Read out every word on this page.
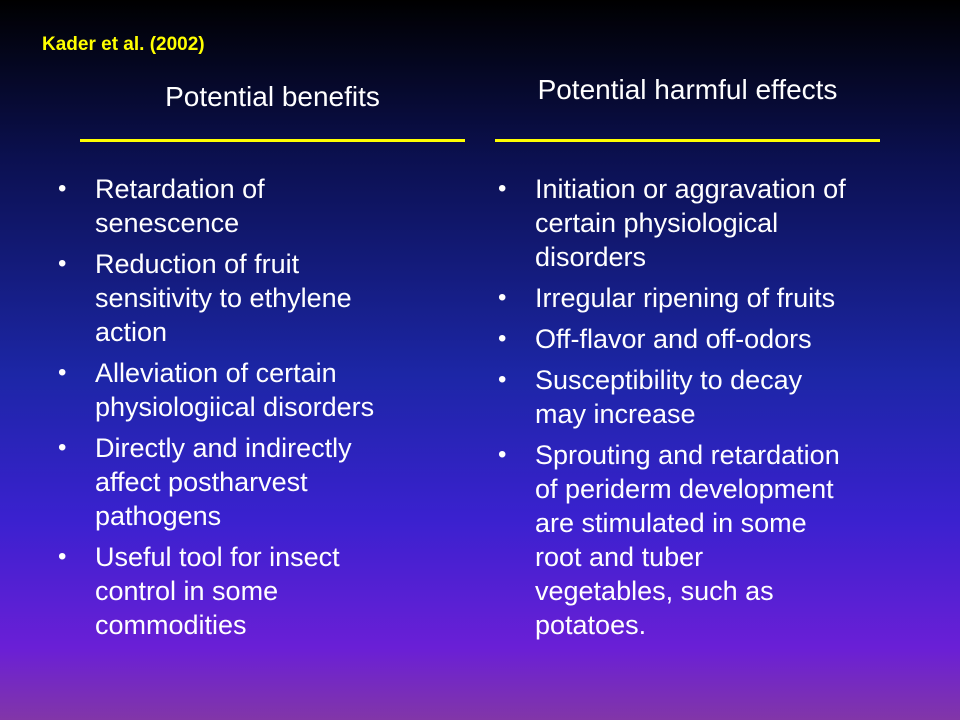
Kader et al. (2002)
Potential benefits	Potential harmful effects
• Retardation of
senescence
• Reduction of fruit
sensitivity to ethylene
action
• Alleviation of certain
physiologiical disorders
• Directly and indirectly
affect postharvest
pathogens
• Useful tool for insect
control in some
commodities
• Initiation or aggravation of
certain physiological
disorders
• Irregular ripening of fruits
• Off-flavor and off-odors
• Susceptibility to decay
may increase
• Sprouting and retardation
of periderm development
are stimulated in some
root and tuber
vegetables, such as
potatoes.
